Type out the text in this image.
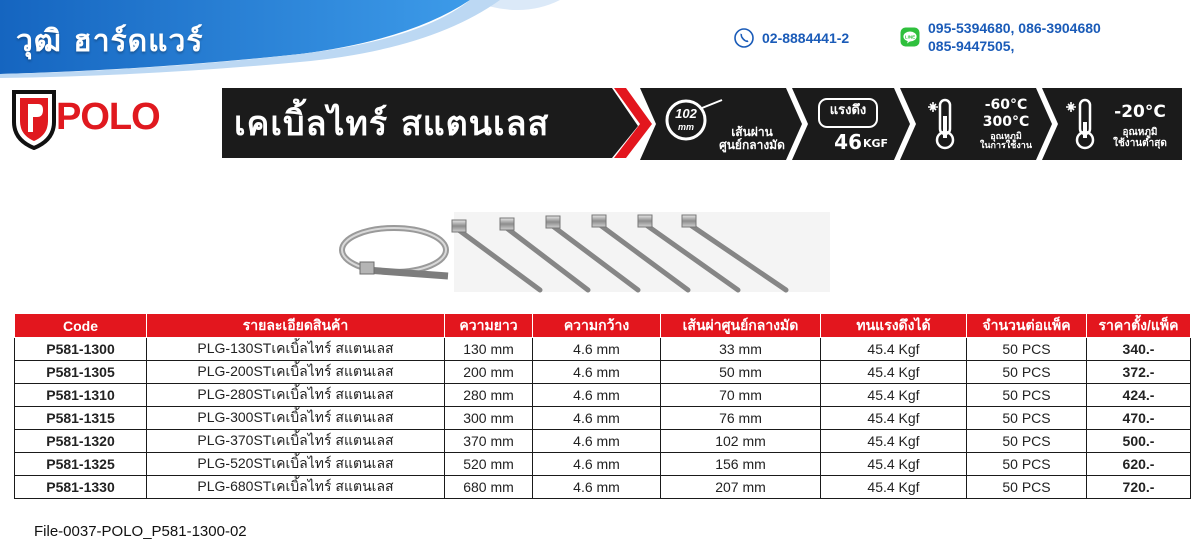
วุฒิ ฮาร์ดแวร์	02-8884441-2	LINE
095-5394680, 086-3904680
085-9447505,
POLO เคเบิ้ลไทร์ สแตนเลส	102
mm	เส้นผ่าน
ศูนย์กลางมัด
แรงดึง
46 KGF
-60°C
300°C
อุณหภูมิ
ในการใช้งาน
-20°C
อุณหภูมิ
ใช้งานต่ำสุด
Code	รายละเอียดสินค้า	ความยาว	ความกว้าง	เส้นผ่าศูนย์กลางมัด	ทนแรงดึงได้	จำนวนต่อแพ็ค	ราคาตั้ง/แพ็ค
P581-1300	PLG-130STเคเบิ้ลไทร์ สแตนเลส	130 mm	4.6 mm	33 mm	45.4 Kgf	50 PCS	340.-
P581-1305	PLG-200STเคเบิ้ลไทร์ สแตนเลส	200 mm	4.6 mm	50 mm	45.4 Kgf	50 PCS	372.-
P581-1310	PLG-280STเคเบิ้ลไทร์ สแตนเลส	280 mm	4.6 mm	70 mm	45.4 Kgf	50 PCS	424.-
P581-1315	PLG-300STเคเบิ้ลไทร์ สแตนเลส	300 mm	4.6 mm	76 mm	45.4 Kgf	50 PCS	470.-
P581-1320	PLG-370STเคเบิ้ลไทร์ สแตนเลส	370 mm	4.6 mm	102 mm	45.4 Kgf	50 PCS	500.-
P581-1325	PLG-520STเคเบิ้ลไทร์ สแตนเลส	520 mm	4.6 mm	156 mm	45.4 Kgf	50 PCS	620.-
P581-1330	PLG-680STเคเบิ้ลไทร์ สแตนเลส	680 mm	4.6 mm	207 mm	45.4 Kgf	50 PCS	720.-
File-0037-POLO_P581-1300-02
